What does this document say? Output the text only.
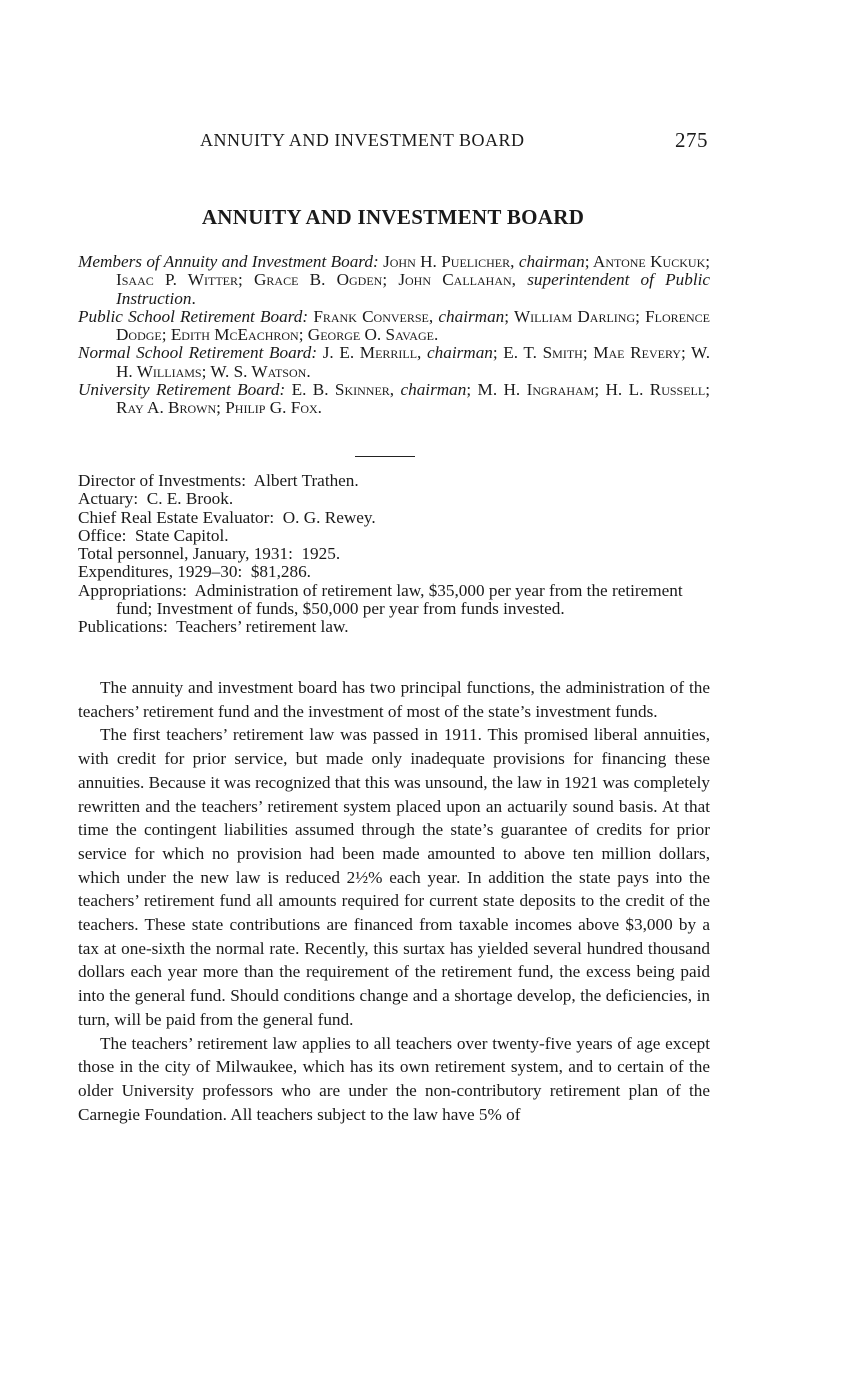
ANNUITY AND INVESTMENT BOARD	275
ANNUITY AND INVESTMENT BOARD

Members of Annuity and Investment Board: John H. Puelicher, chairman; Antone Kuckuk; Isaac P. Witter; Grace B. Ogden; John Callahan, superintendent of Public Instruction.

Public School Retirement Board: Frank Converse, chairman; William Darling; Florence Dodge; Edith McEachron; George O. Savage.

Normal School Retirement Board: J. E. Merrill, chairman; E. T. Smith; Mae Revery; W. H. Williams; W. S. Watson.

University Retirement Board: E. B. Skinner, chairman; M. H. Ingraham; H. L. Russell; Ray A. Brown; Philip G. Fox.

Director of Investments: Albert Trathen.

Actuary: C. E. Brook.

Chief Real Estate Evaluator: O. G. Rewey.

Office: State Capitol.

Total personnel, January, 1931: 1925.

Expenditures, 1929–30: $81,286.

Appropriations: Administration of retirement law, $35,000 per year from the retirement fund; Investment of funds, $50,000 per year from funds invested.

Publications: Teachers’ retirement law.

The annuity and investment board has two principal functions, the administration of the teachers’ retirement fund and the investment of most of the state’s investment funds.

The first teachers’ retirement law was passed in 1911. This promised liberal annuities, with credit for prior service, but made only inadequate provisions for financing these annuities. Because it was recognized that this was unsound, the law in 1921 was completely rewritten and the teachers’ retirement system placed upon an actuarily sound basis. At that time the contingent liabilities assumed through the state’s guarantee of credits for prior service for which no provision had been made amounted to above ten million dollars, which under the new law is reduced 2½% each year. In addition the state pays into the teachers’ retirement fund all amounts required for current state deposits to the credit of the teachers. These state contributions are financed from taxable incomes above $3,000 by a tax at one-sixth the normal rate. Recently, this surtax has yielded several hundred thousand dollars each year more than the requirement of the retirement fund, the excess being paid into the general fund. Should conditions change and a shortage develop, the deficiencies, in turn, will be paid from the general fund.

The teachers’ retirement law applies to all teachers over twenty-five years of age except those in the city of Milwaukee, which has its own retirement system, and to certain of the older University professors who are under the non-contributory retirement plan of the Carnegie Foundation. All teachers subject to the law have 5% of
